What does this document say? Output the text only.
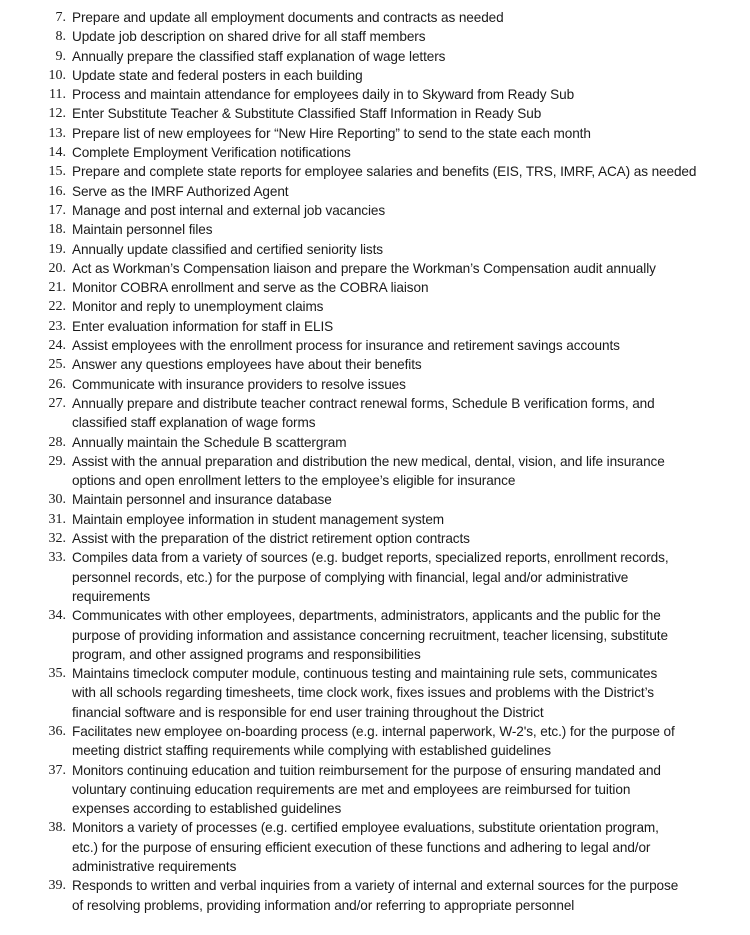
7. Prepare and update all employment documents and contracts as needed
8. Update job description on shared drive for all staff members
9. Annually prepare the classified staff explanation of wage letters
10. Update state and federal posters in each building
11. Process and maintain attendance for employees daily in to Skyward from Ready Sub
12. Enter Substitute Teacher & Substitute Classified Staff Information in Ready Sub
13. Prepare list of new employees for “New Hire Reporting” to send to the state each month
14. Complete Employment Verification notifications
15. Prepare and complete state reports for employee salaries and benefits (EIS, TRS, IMRF, ACA) as needed
16. Serve as the IMRF Authorized Agent
17. Manage and post internal and external job vacancies
18. Maintain personnel files
19. Annually update classified and certified seniority lists
20. Act as Workman’s Compensation liaison and prepare the Workman’s Compensation audit annually
21. Monitor COBRA enrollment and serve as the COBRA liaison
22. Monitor and reply to unemployment claims
23. Enter evaluation information for staff in ELIS
24. Assist employees with the enrollment process for insurance and retirement savings accounts
25. Answer any questions employees have about their benefits
26. Communicate with insurance providers to resolve issues
27. Annually prepare and distribute teacher contract renewal forms, Schedule B verification forms, and
classified staff explanation of wage forms
28. Annually maintain the Schedule B scattergram
29. Assist with the annual preparation and distribution the new medical, dental, vision, and life insurance
options and open enrollment letters to the employee’s eligible for insurance
30. Maintain personnel and insurance database
31. Maintain employee information in student management system
32. Assist with the preparation of the district retirement option contracts
33. Compiles data from a variety of sources (e.g. budget reports, specialized reports, enrollment records,
personnel records, etc.) for the purpose of complying with financial, legal and/or administrative
requirements
34. Communicates with other employees, departments, administrators, applicants and the public for the
purpose of providing information and assistance concerning recruitment, teacher licensing, substitute
program, and other assigned programs and responsibilities
35. Maintains timeclock computer module, continuous testing and maintaining rule sets, communicates
with all schools regarding timesheets, time clock work, fixes issues and problems with the District’s
financial software and is responsible for end user training throughout the District
36. Facilitates new employee on-boarding process (e.g. internal paperwork, W-2's, etc.) for the purpose of
meeting district staffing requirements while complying with established guidelines
37. Monitors continuing education and tuition reimbursement for the purpose of ensuring mandated and
voluntary continuing education requirements are met and employees are reimbursed for tuition
expenses according to established guidelines
38. Monitors a variety of processes (e.g. certified employee evaluations, substitute orientation program,
etc.) for the purpose of ensuring efficient execution of these functions and adhering to legal and/or
administrative requirements
39. Responds to written and verbal inquiries from a variety of internal and external sources for the purpose
of resolving problems, providing information and/or referring to appropriate personnel
